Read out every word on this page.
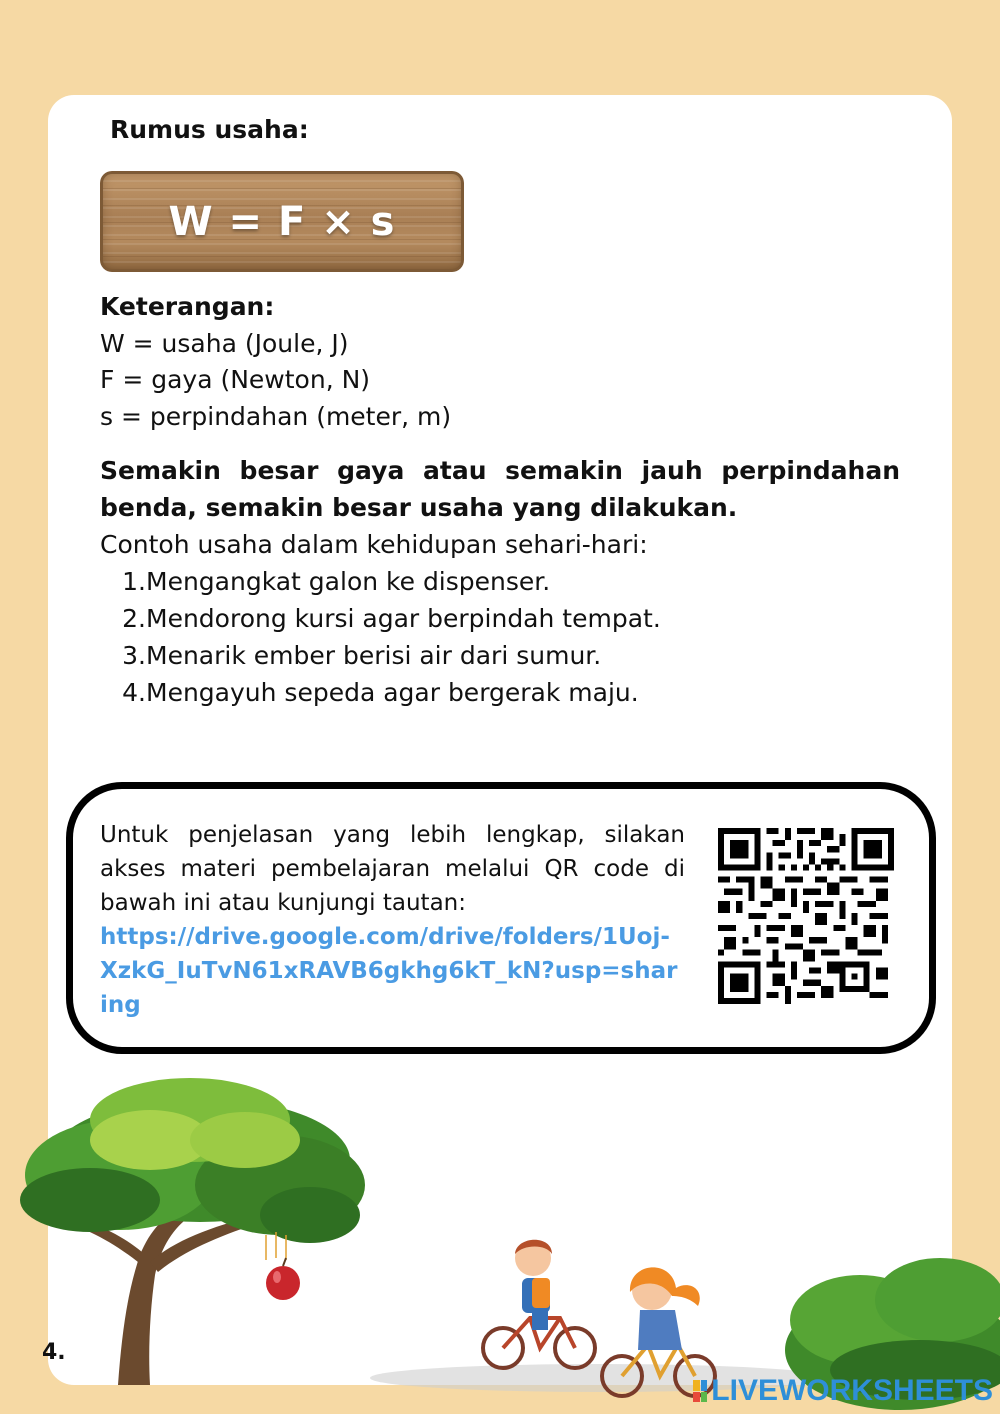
Rumus usaha:
W = F × s
Keterangan:
W = usaha (Joule, J)
F = gaya (Newton, N)
s = perpindahan (meter, m)
Semakin besar gaya atau semakin jauh perpindahan benda, semakin besar usaha yang dilakukan.
Contoh usaha dalam kehidupan sehari-hari:
1. Mengangkat galon ke dispenser.
2. Mendorong kursi agar berpindah tempat.
3. Menarik ember berisi air dari sumur.
4. Mengayuh sepeda agar bergerak maju.
Untuk penjelasan yang lebih lengkap, silakan akses materi pembelajaran melalui QR code di bawah ini atau kunjungi tautan:
https://drive.google.com/drive/folders/1Uoj-XzkG_IuTvN61xRAVB6gkhg6kT_kN?usp=sharing
4.
LIVEWORKSHEETS
